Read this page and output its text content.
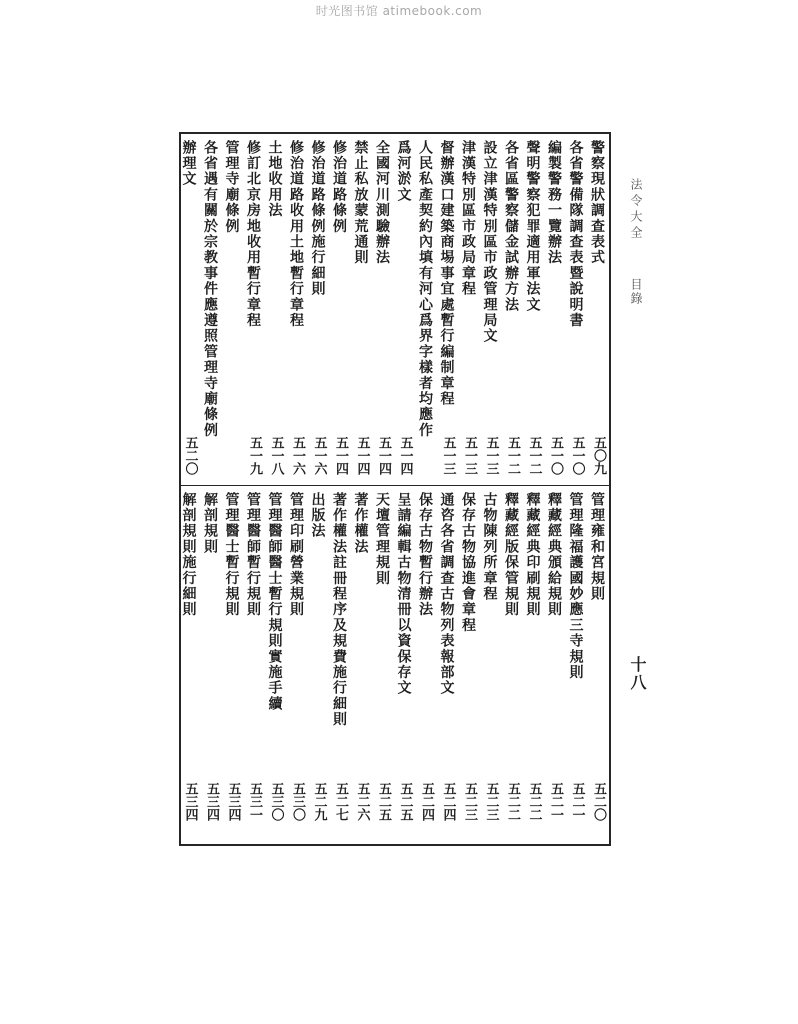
时光图书馆 atimebook.com
法令大全
目錄
十八
警察現狀調查表式
五〇九
各省警備隊調查表暨說明書
五一〇
編製警務一覽辦法
五一〇
聲明警察犯罪適用軍法文
五一二
各省區警察儲金試辦方法
五一二
設立津漢特別區市政管理局文
五一三
津漢特別區市政局章程
五一三
督辦漢口建築商埸事宜處暫行編制章程
五一三
人民私產契約內填有河心爲界字樣者均應作
爲河淤文
五一四
全國河川測驗辦法
五一四
禁止私放蒙荒通則
五一四
修治道路條例
五一四
修治道路條例施行細則
五一六
修治道路收用土地暫行章程
五一六
土地收用法
五一八
修訂北京房地收用暫行章程
五一九
管理寺廟條例
各省遇有關於宗教事件應遵照管理寺廟條例
辦理文
五二〇
管理雍和宮規則
五二〇
管理隆福護國妙應三寺規則
五二一
釋藏經典頒給規則
五二一
釋藏經典印刷規則
五二二
釋藏經版保管規則
五二二
古物陳列所章程
五二三
保存古物協進會章程
五二三
通咨各省調查古物列表報部文
五二四
保存古物暫行辦法
五二四
呈請編輯古物清冊以資保存文
五二五
天壇管理規則
五二五
著作權法
五二六
著作權法註冊程序及規費施行細則
五二七
出版法
五二九
管理印刷營業規則
五三〇
管理醫師醫士暫行規則實施手續
五三〇
管理醫師暫行規則
五三一
管理醫士暫行規則
五三四
解剖規則
五三四
解剖規則施行細則
五三四
